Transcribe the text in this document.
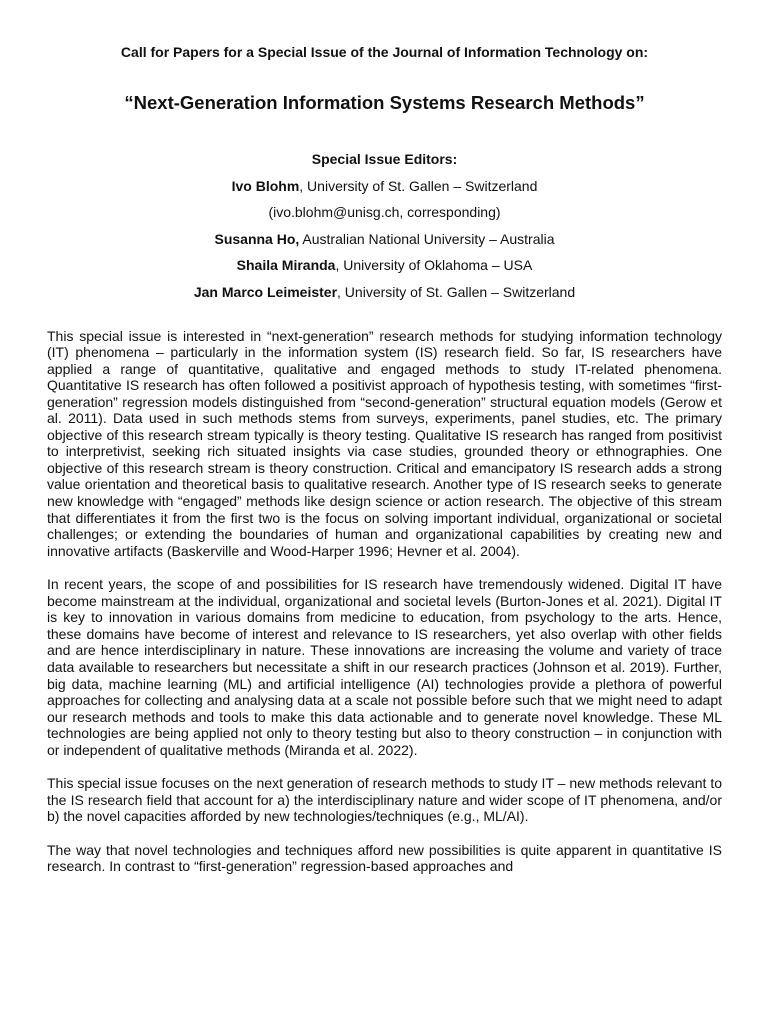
Call for Papers for a Special Issue of the Journal of Information Technology on:

“Next-Generation Information Systems Research Methods”

Special Issue Editors:
Ivo Blohm, University of St. Gallen – Switzerland
(ivo.blohm@unisg.ch, corresponding)
Susanna Ho, Australian National University – Australia
Shaila Miranda, University of Oklahoma – USA
Jan Marco Leimeister, University of St. Gallen – Switzerland

This special issue is interested in “next-generation” research methods for studying information technology (IT) phenomena – particularly in the information system (IS) research field. So far, IS researchers have applied a range of quantitative, qualitative and engaged methods to study IT-related phenomena. Quantitative IS research has often followed a positivist approach of hypothesis testing, with sometimes “first-generation” regression models distinguished from “second-generation” structural equation models (Gerow et al. 2011). Data used in such methods stems from surveys, experiments, panel studies, etc. The primary objective of this research stream typically is theory testing. Qualitative IS research has ranged from positivist to interpretivist, seeking rich situated insights via case studies, grounded theory or ethnographies. One objective of this research stream is theory construction. Critical and emancipatory IS research adds a strong value orientation and theoretical basis to qualitative research. Another type of IS research seeks to generate new knowledge with “engaged” methods like design science or action research. The objective of this stream that differentiates it from the first two is the focus on solving important individual, organizational or societal challenges; or extending the boundaries of human and organizational capabilities by creating new and innovative artifacts (Baskerville and Wood-Harper 1996; Hevner et al. 2004).

In recent years, the scope of and possibilities for IS research have tremendously widened. Digital IT have become mainstream at the individual, organizational and societal levels (Burton-Jones et al. 2021). Digital IT is key to innovation in various domains from medicine to education, from psychology to the arts. Hence, these domains have become of interest and relevance to IS researchers, yet also overlap with other fields and are hence interdisciplinary in nature. These innovations are increasing the volume and variety of trace data available to researchers but necessitate a shift in our research practices (Johnson et al. 2019). Further, big data, machine learning (ML) and artificial intelligence (AI) technologies provide a plethora of powerful approaches for collecting and analysing data at a scale not possible before such that we might need to adapt our research methods and tools to make this data actionable and to generate novel knowledge. These ML technologies are being applied not only to theory testing but also to theory construction – in conjunction with or independent of qualitative methods (Miranda et al. 2022).

This special issue focuses on the next generation of research methods to study IT – new methods relevant to the IS research field that account for a) the interdisciplinary nature and wider scope of IT phenomena, and/or b) the novel capacities afforded by new technologies/techniques (e.g., ML/AI).

The way that novel technologies and techniques afford new possibilities is quite apparent in quantitative IS research. In contrast to “first-generation” regression-based approaches and
